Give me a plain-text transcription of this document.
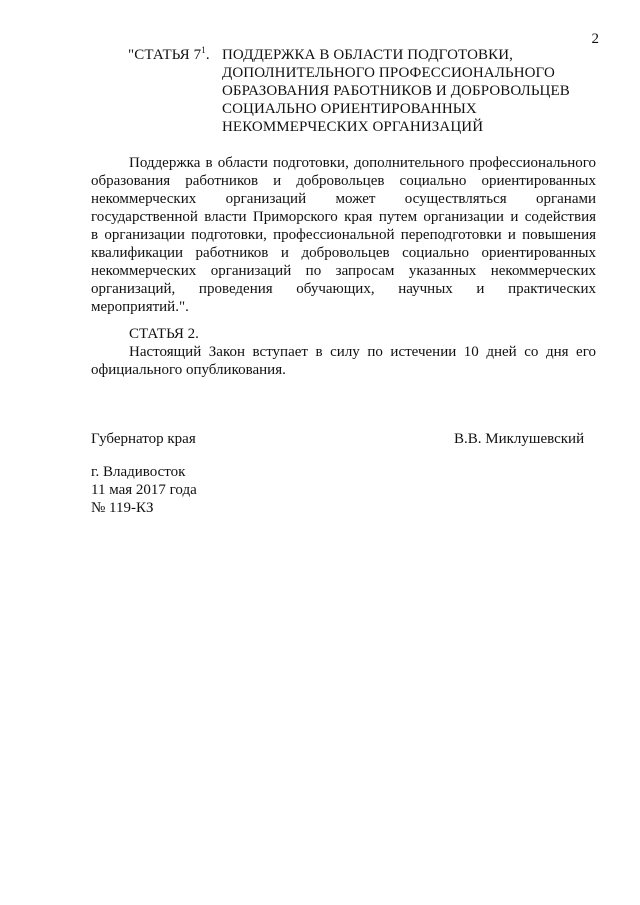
2
"СТАТЬЯ $7^1$. ПОДДЕРЖКА В ОБЛАСТИ ПОДГОТОВКИ,
ДОПОЛНИТЕЛЬНОГО ПРОФЕССИОНАЛЬНОГО
ОБРАЗОВАНИЯ РАБОТНИКОВ И ДОБРОВОЛЬЦЕВ
СОЦИАЛЬНО ОРИЕНТИРОВАННЫХ
НЕКОММЕРЧЕСКИХ ОРГАНИЗАЦИЙ
Поддержка в области подготовки, дополнительного профессионального
образования работников и добровольцев социально ориентированных
некоммерческих организаций может осуществляться органами
государственной власти Приморского края путем организации и содействия
в организации подготовки, профессиональной переподготовки и повышения
квалификации работников и добровольцев социально ориентированных
некоммерческих организаций по запросам указанных некоммерческих
организаций, проведения обучающих, научных и практических
мероприятий.".
СТАТЬЯ 2.
Настоящий Закон вступает в силу по истечении 10 дней со дня его
официального опубликования.
Губернатор края	В.В. Миклушевский
г. Владивосток
11 мая 2017 года
№ 119-КЗ
